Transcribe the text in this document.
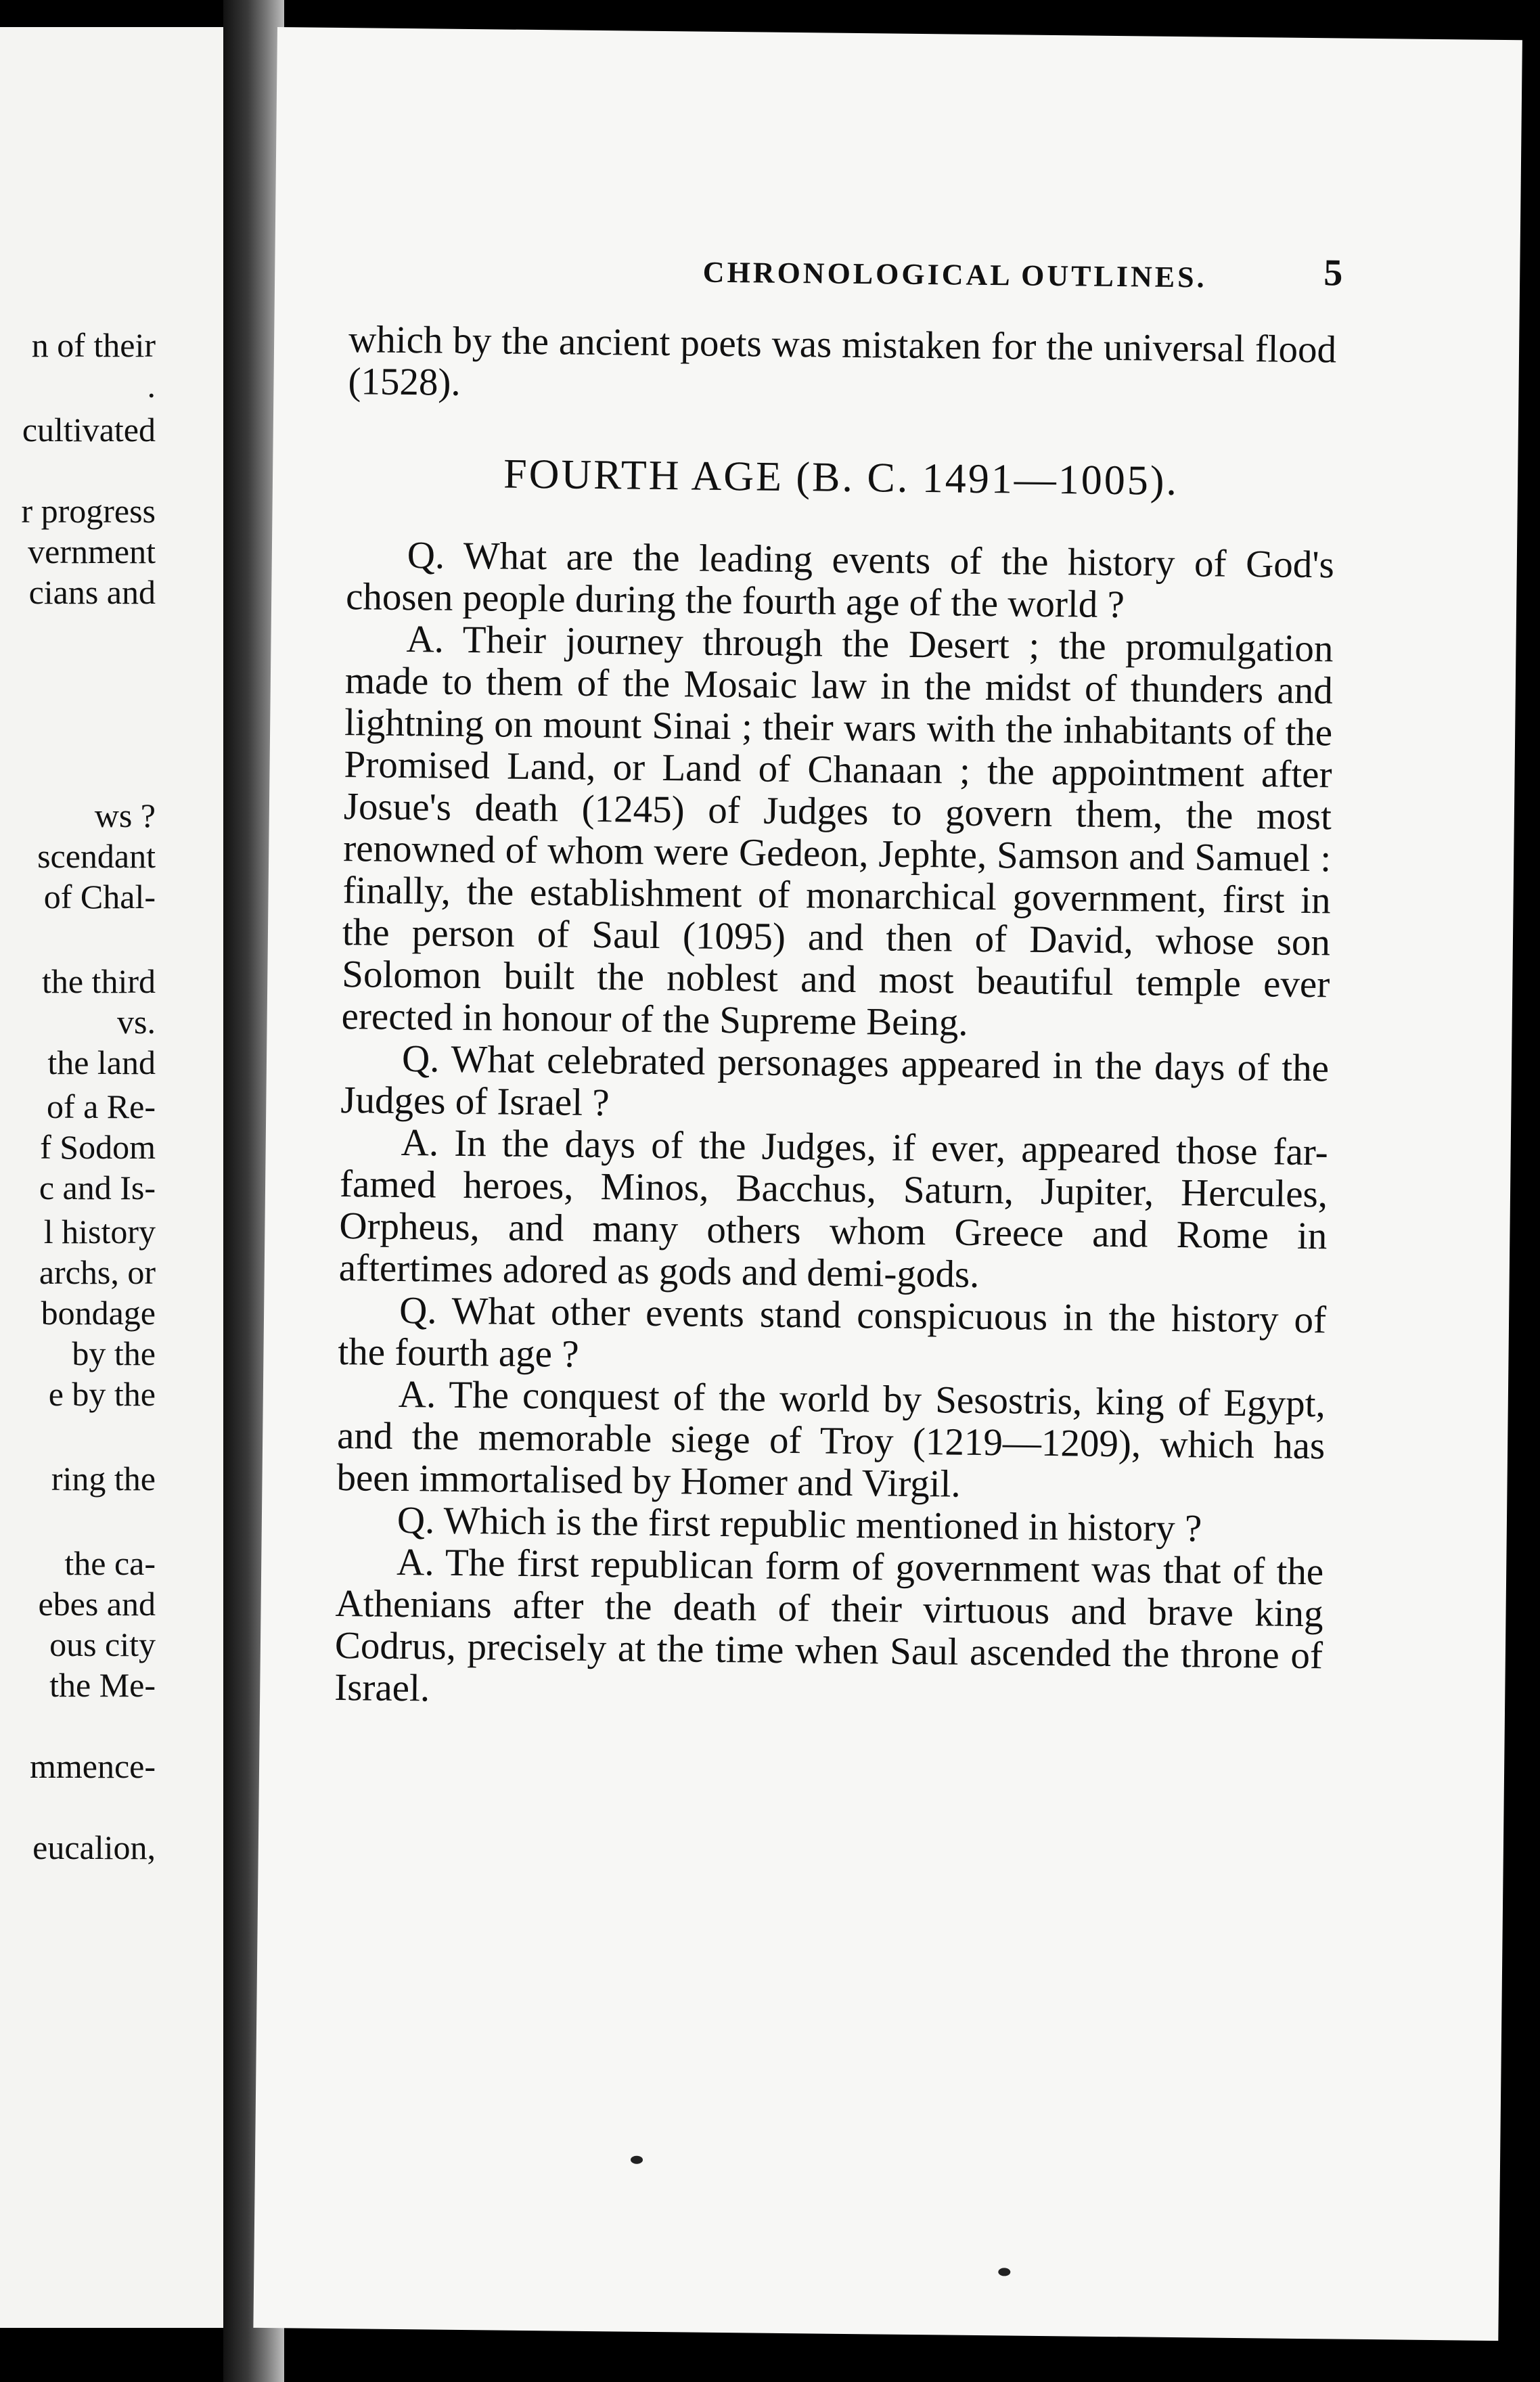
n of their
.
cultivated
r progress
vernment
cians and
ws ?
scendant
of Chal-
the third
vs.
the land
of a Re-
f Sodom
c and Is-
l history
archs, or
bondage
by the
e by the
ring the
the ca-
ebes and
ous city
the Me-
mmence-
eucalion,
CHRONOLOGICAL OUTLINES.	5

which by the ancient poets was mistaken for the universal flood (1528).

FOURTH AGE (B. C. 1491—1005).

Q. What are the leading events of the history of God's chosen people during the fourth age of the world ?

A. Their journey through the Desert ; the promulgation made to them of the Mosaic law in the midst of thunders and lightning on mount Sinai ; their wars with the inhabitants of the Promised Land, or Land of Chanaan ; the appointment after Josue's death (1245) of Judges to govern them, the most renowned of whom were Gedeon, Jephte, Samson and Samuel : finally, the establishment of monarchical government, first in the person of Saul (1095) and then of David, whose son Solomon built the noblest and most beautiful temple ever erected in honour of the Supreme Being.

Q. What celebrated personages appeared in the days of the Judges of Israel ?

A. In the days of the Judges, if ever, appeared those far-famed heroes, Minos, Bacchus, Saturn, Jupiter, Hercules, Orpheus, and many others whom Greece and Rome in aftertimes adored as gods and demi-gods.

Q. What other events stand conspicuous in the history of the fourth age ?

A. The conquest of the world by Sesostris, king of Egypt, and the memorable siege of Troy (1219—1209), which has been immortalised by Homer and Virgil.

Q. Which is the first republic mentioned in history ?

A. The first republican form of government was that of the Athenians after the death of their virtuous and brave king Codrus, precisely at the time when Saul ascended the throne of Israel.
